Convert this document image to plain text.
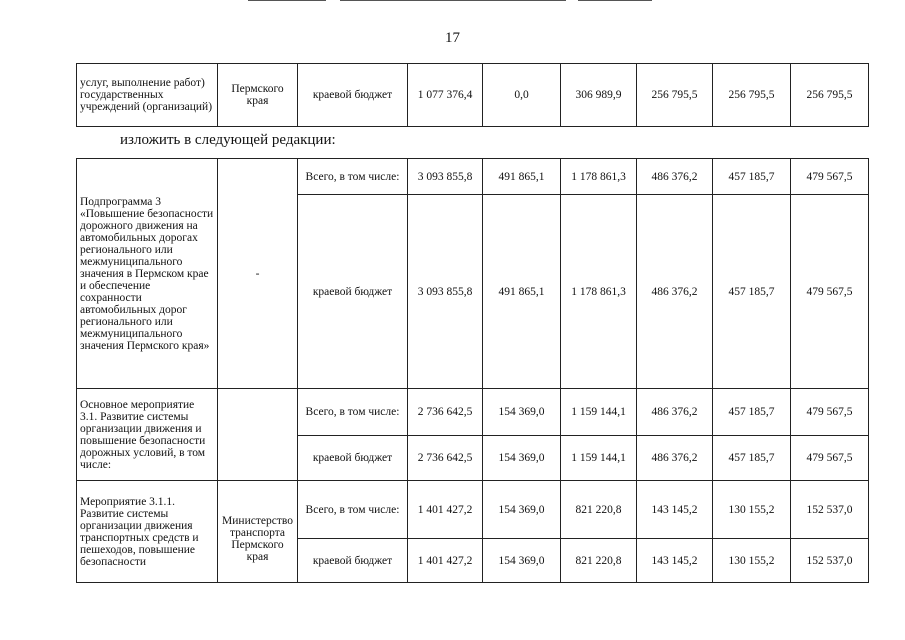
17
услуг, выполнение работ) государственных учреждений (организаций)	Пермского края	краевой бюджет	1 077 376,4	0,0	306 989,9	256 795,5	256 795,5	256 795,5
изложить в следующей редакции:
Подпрограмма 3 «Повышение безопасности дорожного движения на автомобильных дорогах регионального или межмуниципального значения в Пермском крае и обеспечение сохранности автомобильных дорог регионального или межмуниципального значения Пермского края»	-	Всего, в том числе:	3 093 855,8	491 865,1	1 178 861,3	486 376,2	457 185,7	479 567,5
		краевой бюджет	3 093 855,8	491 865,1	1 178 861,3	486 376,2	457 185,7	479 567,5
Основное мероприятие 3.1. Развитие системы организации движения и повышение безопасности дорожных условий, в том числе:		Всего, в том числе:	2 736 642,5	154 369,0	1 159 144,1	486 376,2	457 185,7	479 567,5
		краевой бюджет	2 736 642,5	154 369,0	1 159 144,1	486 376,2	457 185,7	479 567,5
Мероприятие 3.1.1. Развитие системы организации движения транспортных средств и пешеходов, повышение безопасности	Министерство транспорта Пермского края	Всего, в том числе:	1 401 427,2	154 369,0	821 220,8	143 145,2	130 155,2	152 537,0
		краевой бюджет	1 401 427,2	154 369,0	821 220,8	143 145,2	130 155,2	152 537,0
